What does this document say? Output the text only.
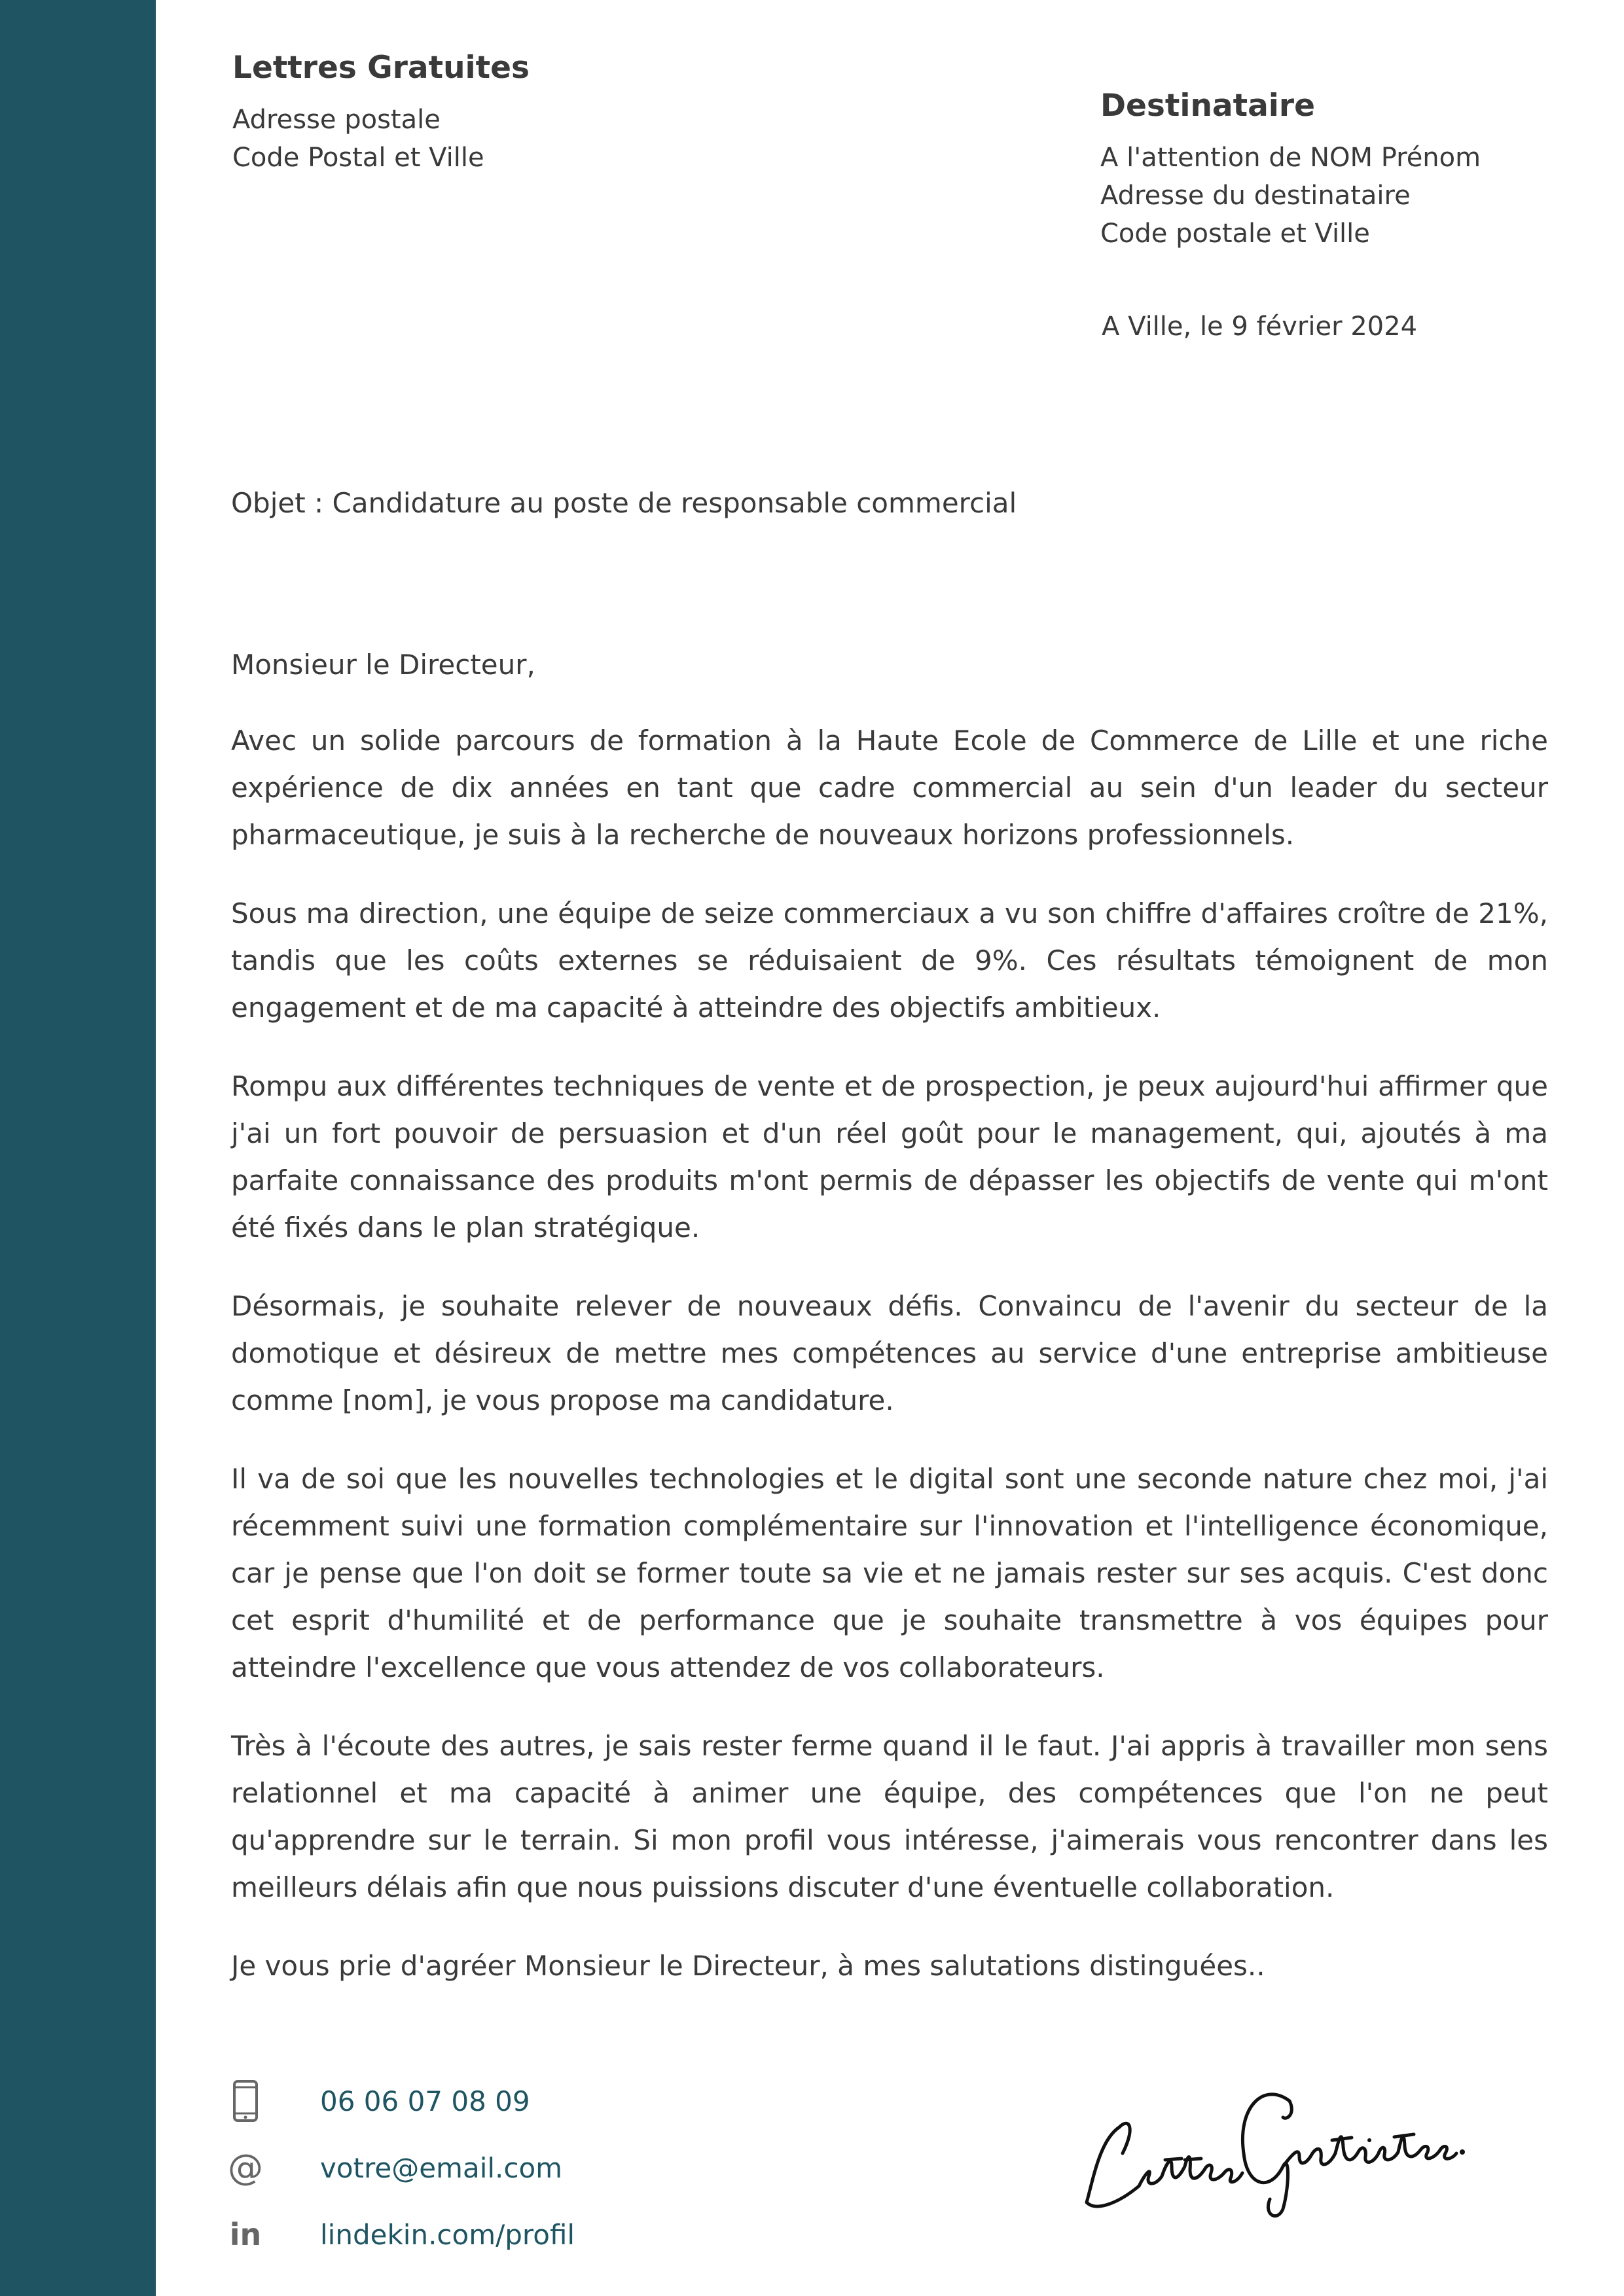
Lettres Gratuites
Adresse postale
Code Postal et Ville
Destinataire
A l'attention de NOM Prénom
Adresse du destinataire
Code postale et Ville
A Ville, le 9 février 2024
Objet : Candidature au poste de responsable commercial

Monsieur le Directeur,

Avec un solide parcours de formation à la Haute Ecole de Commerce de Lille et une riche expérience de dix années en tant que cadre commercial au sein d'un leader du secteur pharmaceutique, je suis à la recherche de nouveaux horizons professionnels.

Sous ma direction, une équipe de seize commerciaux a vu son chiffre d'affaires croître de 21%, tandis que les coûts externes se réduisaient de 9%. Ces résultats témoignent de mon engagement et de ma capacité à atteindre des objectifs ambitieux.

Rompu aux différentes techniques de vente et de prospection, je peux aujourd'hui affirmer que j'ai un fort pouvoir de persuasion et d'un réel goût pour le management, qui, ajoutés à ma parfaite connaissance des produits m'ont permis de dépasser les objectifs de vente qui m'ont été fixés dans le plan stratégique.

Désormais, je souhaite relever de nouveaux défis. Convaincu de l'avenir du secteur de la domotique et désireux de mettre mes compétences au service d'une entreprise ambitieuse comme [nom], je vous propose ma candidature.

Il va de soi que les nouvelles technologies et le digital sont une seconde nature chez moi, j'ai récemment suivi une formation complémentaire sur l'innovation et l'intelligence économique, car je pense que l'on doit se former toute sa vie et ne jamais rester sur ses acquis. C'est donc cet esprit d'humilité et de performance que je souhaite transmettre à vos équipes pour atteindre l'excellence que vous attendez de vos collaborateurs.

Très à l'écoute des autres, je sais rester ferme quand il le faut. J'ai appris à travailler mon sens relationnel et ma capacité à animer une équipe, des compétences que l'on ne peut qu'apprendre sur le terrain. Si mon profil vous intéresse, j'aimerais vous rencontrer dans les meilleurs délais afin que nous puissions discuter d'une éventuelle collaboration.

Je vous prie d'agréer Monsieur le Directeur, à mes salutations distinguées..

06 06 07 08 09
@ votre@email.com
in lindekin.com/profil
